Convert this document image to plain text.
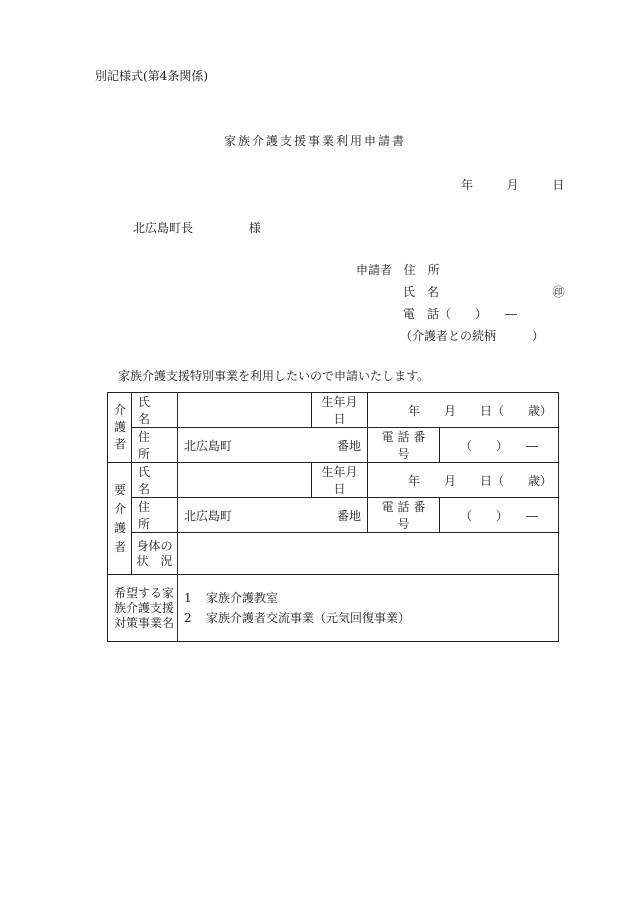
別記様式(第4条関係)
家族介護支援事業利用申請書
年	月	日
北広島町長	様
申請者 住　所
氏　名	㊞
電　話（　　）　　―
（介護者との続柄　　　）
家族介護支援特別事業を利用したいので申請いたします。
介護者	氏　名		生年月日	年　　月　　日（　　歳）	
	住　所	北広島町 番地		電 話 番 号	（　　）　　―
要介護者	氏　名		生年月日	年　　月　　日（　　歳）	
	住　所	北広島町 番地		電 話 番 号	（　　）　　―
	身体の状　況				
希望する家族介護支援対策事業名		1 家族介護教室
2 家族介護者交流事業（元気回復事業）			
